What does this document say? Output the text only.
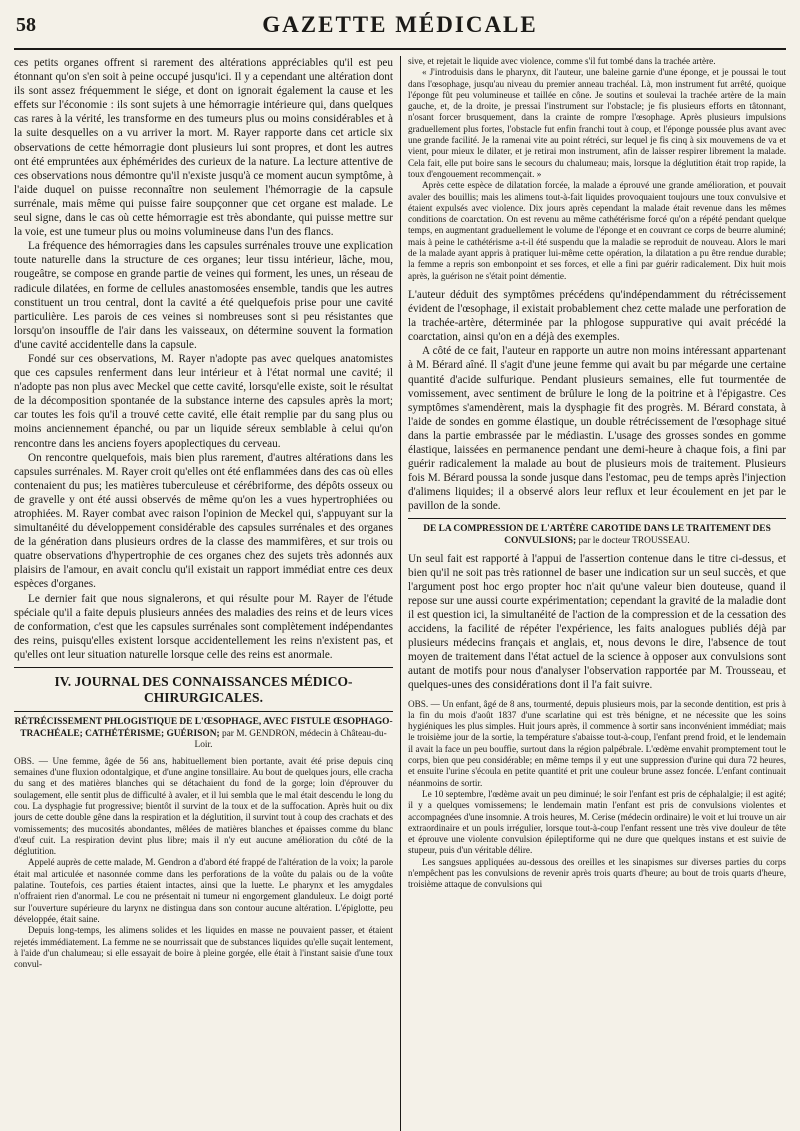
58	GAZETTE MÉDICALE

ces petits organes offrent si rarement des altérations appréciables qu'il est peu étonnant qu'on s'en soit à peine occupé jusqu'ici. Il y a cependant une altération dont ils sont assez fréquemment le siége, et dont on ignorait également la cause et les effets sur l'économie : ils sont sujets à une hémorragie intérieure qui, dans quelques cas rares à la vérité, les transforme en des tumeurs plus ou moins considérables et à la suite desquelles on a vu arriver la mort. M. Rayer rapporte dans cet article six observations de cette hémorragie dont plusieurs lui sont propres, et dont les autres ont été empruntées aux éphémérides des curieux de la nature. La lecture attentive de ces observations nous démontre qu'il n'existe jusqu'à ce moment aucun symptôme, à l'aide duquel on puisse reconnaître non seulement l'hémorragie de la capsule surrénale, mais même qui puisse faire soupçonner que cet organe est malade. Le seul signe, dans le cas où cette hémorragie est très abondante, qui puisse mettre sur la voie, est une tumeur plus ou moins volumineuse dans l'un des flancs.

La fréquence des hémorragies dans les capsules surrénales trouve une explication toute naturelle dans la structure de ces organes; leur tissu intérieur, lâche, mou, rougeâtre, se compose en grande partie de veines qui forment, les unes, un réseau de radicule dilatées, en forme de cellules anastomosées ensemble, tandis que les autres constituent un trou central, dont la cavité a été quelquefois prise pour une cavité particulière. Les parois de ces veines si nombreuses sont si peu résistantes que lorsqu'on insouffle de l'air dans les vaisseaux, on détermine souvent la formation d'une cavité accidentelle dans la capsule.

Fondé sur ces observations, M. Rayer n'adopte pas avec quelques anatomistes que ces capsules renferment dans leur intérieur et à l'état normal une cavité; il n'adopte pas non plus avec Meckel que cette cavité, lorsqu'elle existe, soit le résultat de la décomposition spontanée de la substance interne des capsules après la mort; car toutes les fois qu'il a trouvé cette cavité, elle était remplie par du sang plus ou moins anciennement épanché, ou par un liquide séreux semblable à celui qu'on rencontre dans les anciens foyers apoplectiques du cerveau.

On rencontre quelquefois, mais bien plus rarement, d'autres altérations dans les capsules surrénales. M. Rayer croit qu'elles ont été enflammées dans des cas où elles contenaient du pus; les matières tuberculeuse et cérébriforme, des dépôts osseux ou de gravelle y ont été aussi observés de même qu'on les a vues hypertrophiées ou atrophiées. M. Rayer combat avec raison l'opinion de Meckel qui, s'appuyant sur la simultanéité du développement considérable des capsules surrénales et des organes de la génération dans plusieurs ordres de la classe des mammifères, et sur trois ou quatre observations d'hypertrophie de ces organes chez des sujets très adonnés aux plaisirs de l'amour, en avait conclu qu'il existait un rapport immédiat entre ces deux espèces d'organes.

Le dernier fait que nous signalerons, et qui résulte pour M. Rayer de l'étude spéciale qu'il a faite depuis plusieurs années des maladies des reins et de leurs vices de conformation, c'est que les capsules surrénales sont complètement indépendantes des reins, puisqu'elles existent lorsque accidentellement les reins n'existent pas, et qu'elles ont leur situation naturelle lorsque celle des reins est anormale.

IV. JOURNAL DES CONNAISSANCES MÉDICO-CHIRURGICALES.
RÉTRÉCISSEMENT PHLOGISTIQUE DE L'ŒSOPHAGE, AVEC FISTULE ŒSOPHAGO-TRACHÉALE; CATHÉTÉRISME; GUÉRISON; par M. GENDRON, médecin à Château-du-Loir.

OBS. — Une femme, âgée de 56 ans, habituellement bien portante, avait été prise depuis cinq semaines d'une fluxion odontalgique, et d'une angine tonsillaire. Au bout de quelques jours, elle cracha du sang et des matières blanches qui se détachaient du fond de la gorge; loin d'éprouver du soulagement, elle sentit plus de difficulté à avaler, et il lui sembla que le mal était descendu le long du cou. La dysphagie fut progressive; bientôt il survint de la toux et de la suffocation. Après huit ou dix jours de cette double gêne dans la respiration et la déglutition, il survint tout à coup des crachats et des vomissements; des mucosités abondantes, mêlées de matières blanches et épaisses comme du blanc d'œuf cuit. La respiration devint plus libre; mais il n'y eut aucune amélioration du côté de la déglutition.

Appelé auprès de cette malade, M. Gendron a d'abord été frappé de l'altération de la voix; la parole était mal articulée et nasonnée comme dans les perforations de la voûte du palais ou de la voûte palatine. Toutefois, ces parties étaient intactes, ainsi que la luette. Le pharynx et les amygdales n'offraient rien d'anormal. Le cou ne présentait ni tumeur ni engorgement glanduleux. Le doigt porté sur l'ouverture supérieure du larynx ne distingua dans son contour aucune altération. L'épiglotte, peu développée, était saine.

Depuis long-temps, les alimens solides et les liquides en masse ne pouvaient passer, et étaient rejetés immédiatement. La femme ne se nourrissait que de substances liquides qu'elle suçait lentement, à l'aide d'un chalumeau; si elle essayait de boire à pleine gorgée, elle était à l'instant saisie d'une toux convul-

sive, et rejetait le liquide avec violence, comme s'il fut tombé dans la trachée artère.

« J'introduisis dans le pharynx, dit l'auteur, une baleine garnie d'une éponge, et je poussai le tout dans l'œsophage, jusqu'au niveau du premier anneau trachéal. Là, mon instrument fut arrêté, quoique l'éponge fût peu volumineuse et taillée en cône. Je soutins et soulevai la trachée artère de la main gauche, et, de la droite, je pressai l'instrument sur l'obstacle; je fis plusieurs efforts en tâtonnant, n'osant forcer brusquement, dans la crainte de rompre l'œsophage. Après plusieurs impulsions graduellement plus fortes, l'obstacle fut enfin franchi tout à coup, et l'éponge poussée plus avant avec une grande facilité. Je la ramenai vite au point rétréci, sur lequel je fis cinq à six mouvemens de va et vient, pour mieux le dilater, et je retirai mon instrument, afin de laisser respirer librement la malade. Cela fait, elle put boire sans le secours du chalumeau; mais, lorsque la déglutition était trop rapide, la toux d'engouement recommençait. »

Après cette espèce de dilatation forcée, la malade a éprouvé une grande amélioration, et pouvait avaler des bouillis; mais les alimens tout-à-fait liquides provoquaient toujours une toux convulsive et étaient expulsés avec violence. Dix jours après cependant la malade était revenue dans les mêmes conditions de coarctation. On est revenu au même cathétérisme forcé qu'on a répété pendant quelque temps, en augmentant graduellement le volume de l'éponge et en couvrant ce corps de beurre aluminé; mais à peine le cathétérisme a-t-il été suspendu que la maladie se reproduit de nouveau. Alors le mari de la malade ayant appris à pratiquer lui-même cette opération, la dilatation a pu être rendue durable; la femme a repris son embonpoint et ses forces, et elle a fini par guérir radicalement. Dix huit mois après, la guérison ne s'était point démentie.

L'auteur déduit des symptômes précédens qu'indépendamment du rétrécissement évident de l'œsophage, il existait probablement chez cette malade une perforation de la trachée-artère, déterminée par la phlogose suppurative qui avait précédé la coarctation, ainsi qu'on en a déjà des exemples.

A côté de ce fait, l'auteur en rapporte un autre non moins intéressant appartenant à M. Bérard aîné. Il s'agit d'une jeune femme qui avait bu par mégarde une certaine quantité d'acide sulfurique. Pendant plusieurs semaines, elle fut tourmentée de vomissement, avec sentiment de brûlure le long de la poitrine et à l'épigastre. Ces symptômes s'amendèrent, mais la dysphagie fit des progrès. M. Bérard constata, à l'aide de sondes en gomme élastique, un double rétrécissement de l'œsophage situé dans la partie embrassée par le médiastin. L'usage des grosses sondes en gomme élastique, laissées en permanence pendant une demi-heure à chaque fois, a fini par guérir radicalement la malade au bout de plusieurs mois de traitement. Plusieurs fois M. Bérard poussa la sonde jusque dans l'estomac, peu de temps après l'injection d'alimens liquides; il a observé alors leur reflux et leur écoulement en jet par le pavillon de la sonde.

DE LA COMPRESSION DE L'ARTÈRE CAROTIDE DANS LE TRAITEMENT DES CONVULSIONS; par le docteur TROUSSEAU.

Un seul fait est rapporté à l'appui de l'assertion contenue dans le titre ci-dessus, et bien qu'il ne soit pas très rationnel de baser une indication sur un seul succès, et que l'argument post hoc ergo propter hoc n'ait qu'une valeur bien douteuse, quand il repose sur une aussi courte expérimentation; cependant la gravité de la maladie dont il est question ici, la simultanéité de l'action de la compression et de la cessation des accidens, la facilité de répéter l'expérience, les faits analogues publiés déjà par plusieurs médecins français et anglais, et, nous devons le dire, l'absence de tout moyen de traitement dans l'état actuel de la science à opposer aux convulsions sont autant de motifs pour nous d'analyser l'observation rapportée par M. Trousseau, et quelques-unes des considérations dont il l'a fait suivre.

OBS. — Un enfant, âgé de 8 ans, tourmenté, depuis plusieurs mois, par la seconde dentition, est pris à la fin du mois d'août 1837 d'une scarlatine qui est très bénigne, et ne nécessite que les soins hygiéniques les plus simples. Huit jours après, il commence à sortir sans inconvénient immédiat; mais le troisième jour de la sortie, la température s'abaisse tout-à-coup, l'enfant prend froid, et le lendemain il avait la face un peu bouffie, surtout dans la région palpébrale. L'œdème envahit promptement tout le corps, bien que peu considérable; en même temps il y eut une suppression d'urine qui dura 72 heures, et ensuite l'urine s'écoula en petite quantité et prit une couleur brune assez foncée. L'enfant continuait néanmoins de sortir.

Le 10 septembre, l'œdème avait un peu diminué; le soir l'enfant est pris de céphalalgie; il est agité; il y a quelques vomissemens; le lendemain matin l'enfant est pris de convulsions violentes et accompagnées d'une insomnie. A trois heures, M. Cerise (médecin ordinaire) le voit et lui trouve un air extraordinaire et un pouls irrégulier, lorsque tout-à-coup l'enfant ressent une très vive douleur de tête et éprouve une violente convulsion épileptiforme qui ne dure que quelques instans et est suivie de stupeur, puis d'un véritable délire.

Les sangsues appliquées au-dessous des oreilles et les sinapismes sur diverses parties du corps n'empêchent pas les convulsions de revenir après trois quarts d'heure; au bout de trois quarts d'heure, troisième attaque de convulsions qui
